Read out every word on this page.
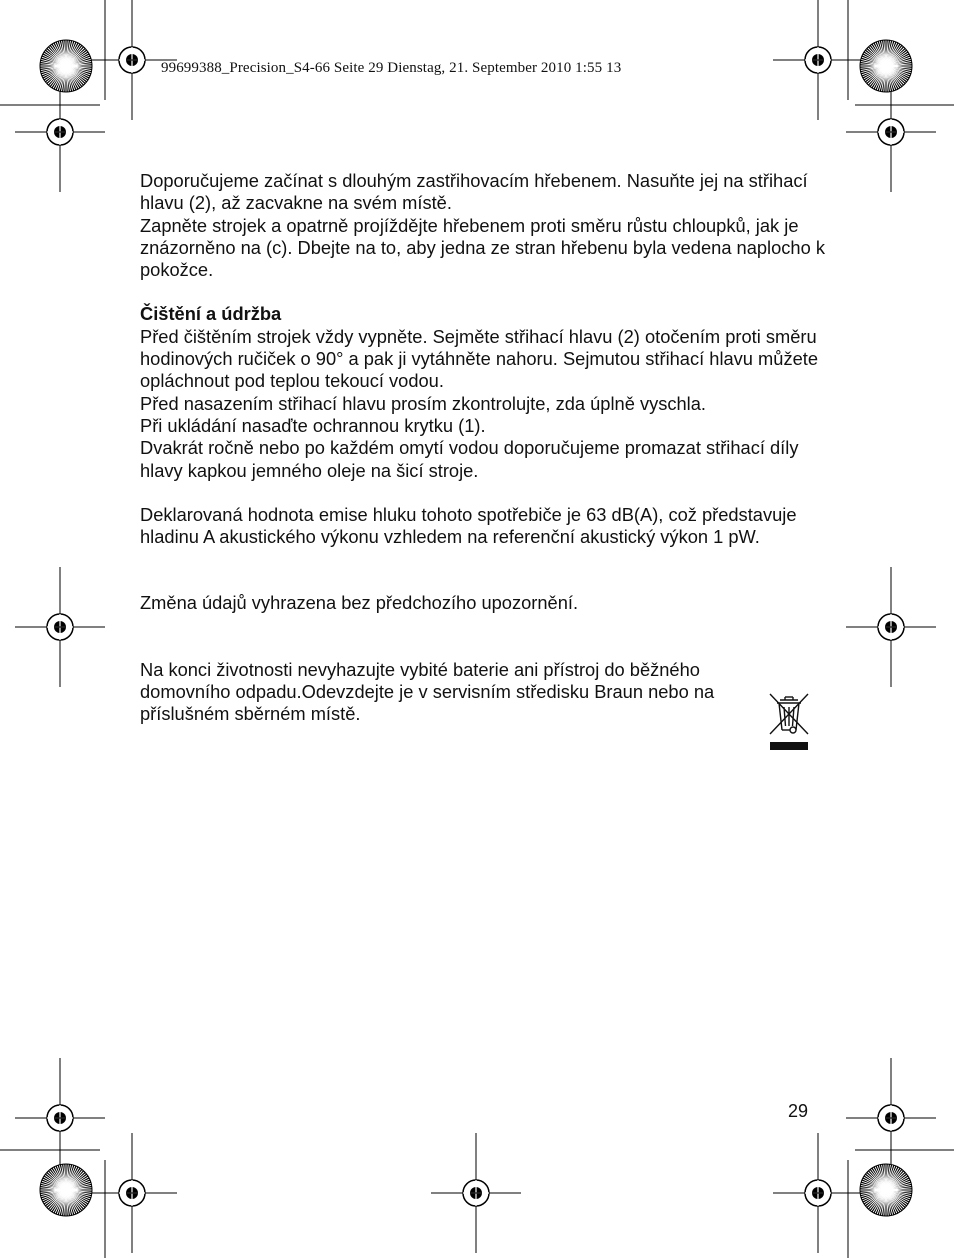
99699388_Precision_S4-66 Seite 29 Dienstag, 21. September 2010 1:55 13

Doporučujeme začínat s dlouhým zastřihovacím hřebenem. Nasuňte jej na střihací hlavu (2), až zacvakne na svém místě.

Zapněte strojek a opatrně projíždějte hřebenem proti směru růstu chloupků, jak je znázorněno na (c). Dbejte na to, aby jedna ze stran hřebenu byla vedena naplocho k pokožce.

Čištění a údržba

Před čištěním strojek vždy vypněte. Sejměte střihací hlavu (2) otočením proti směru hodinových ručiček o 90° a pak ji vytáhněte nahoru. Sejmutou střihací hlavu můžete opláchnout pod teplou tekoucí vodou.

Před nasazením střihací hlavu prosím zkontrolujte, zda úplně vyschla.

Při ukládání nasaďte ochrannou krytku (1).

Dvakrát ročně nebo po každém omytí vodou doporučujeme promazat střihací díly hlavy kapkou jemného oleje na šicí stroje.

Deklarovaná hodnota emise hluku tohoto spotřebiče je 63 dB(A), což představuje hladinu A akustického výkonu vzhledem na referenční akustický výkon 1 pW.

Změna údajů vyhrazena bez předchozího upozornění.

Na konci životnosti nevyhazujte vybité baterie ani přístroj do běžného domovního odpadu.Odevzdejte je v servisním středisku Braun nebo na příslušném sběrném místě.

29
